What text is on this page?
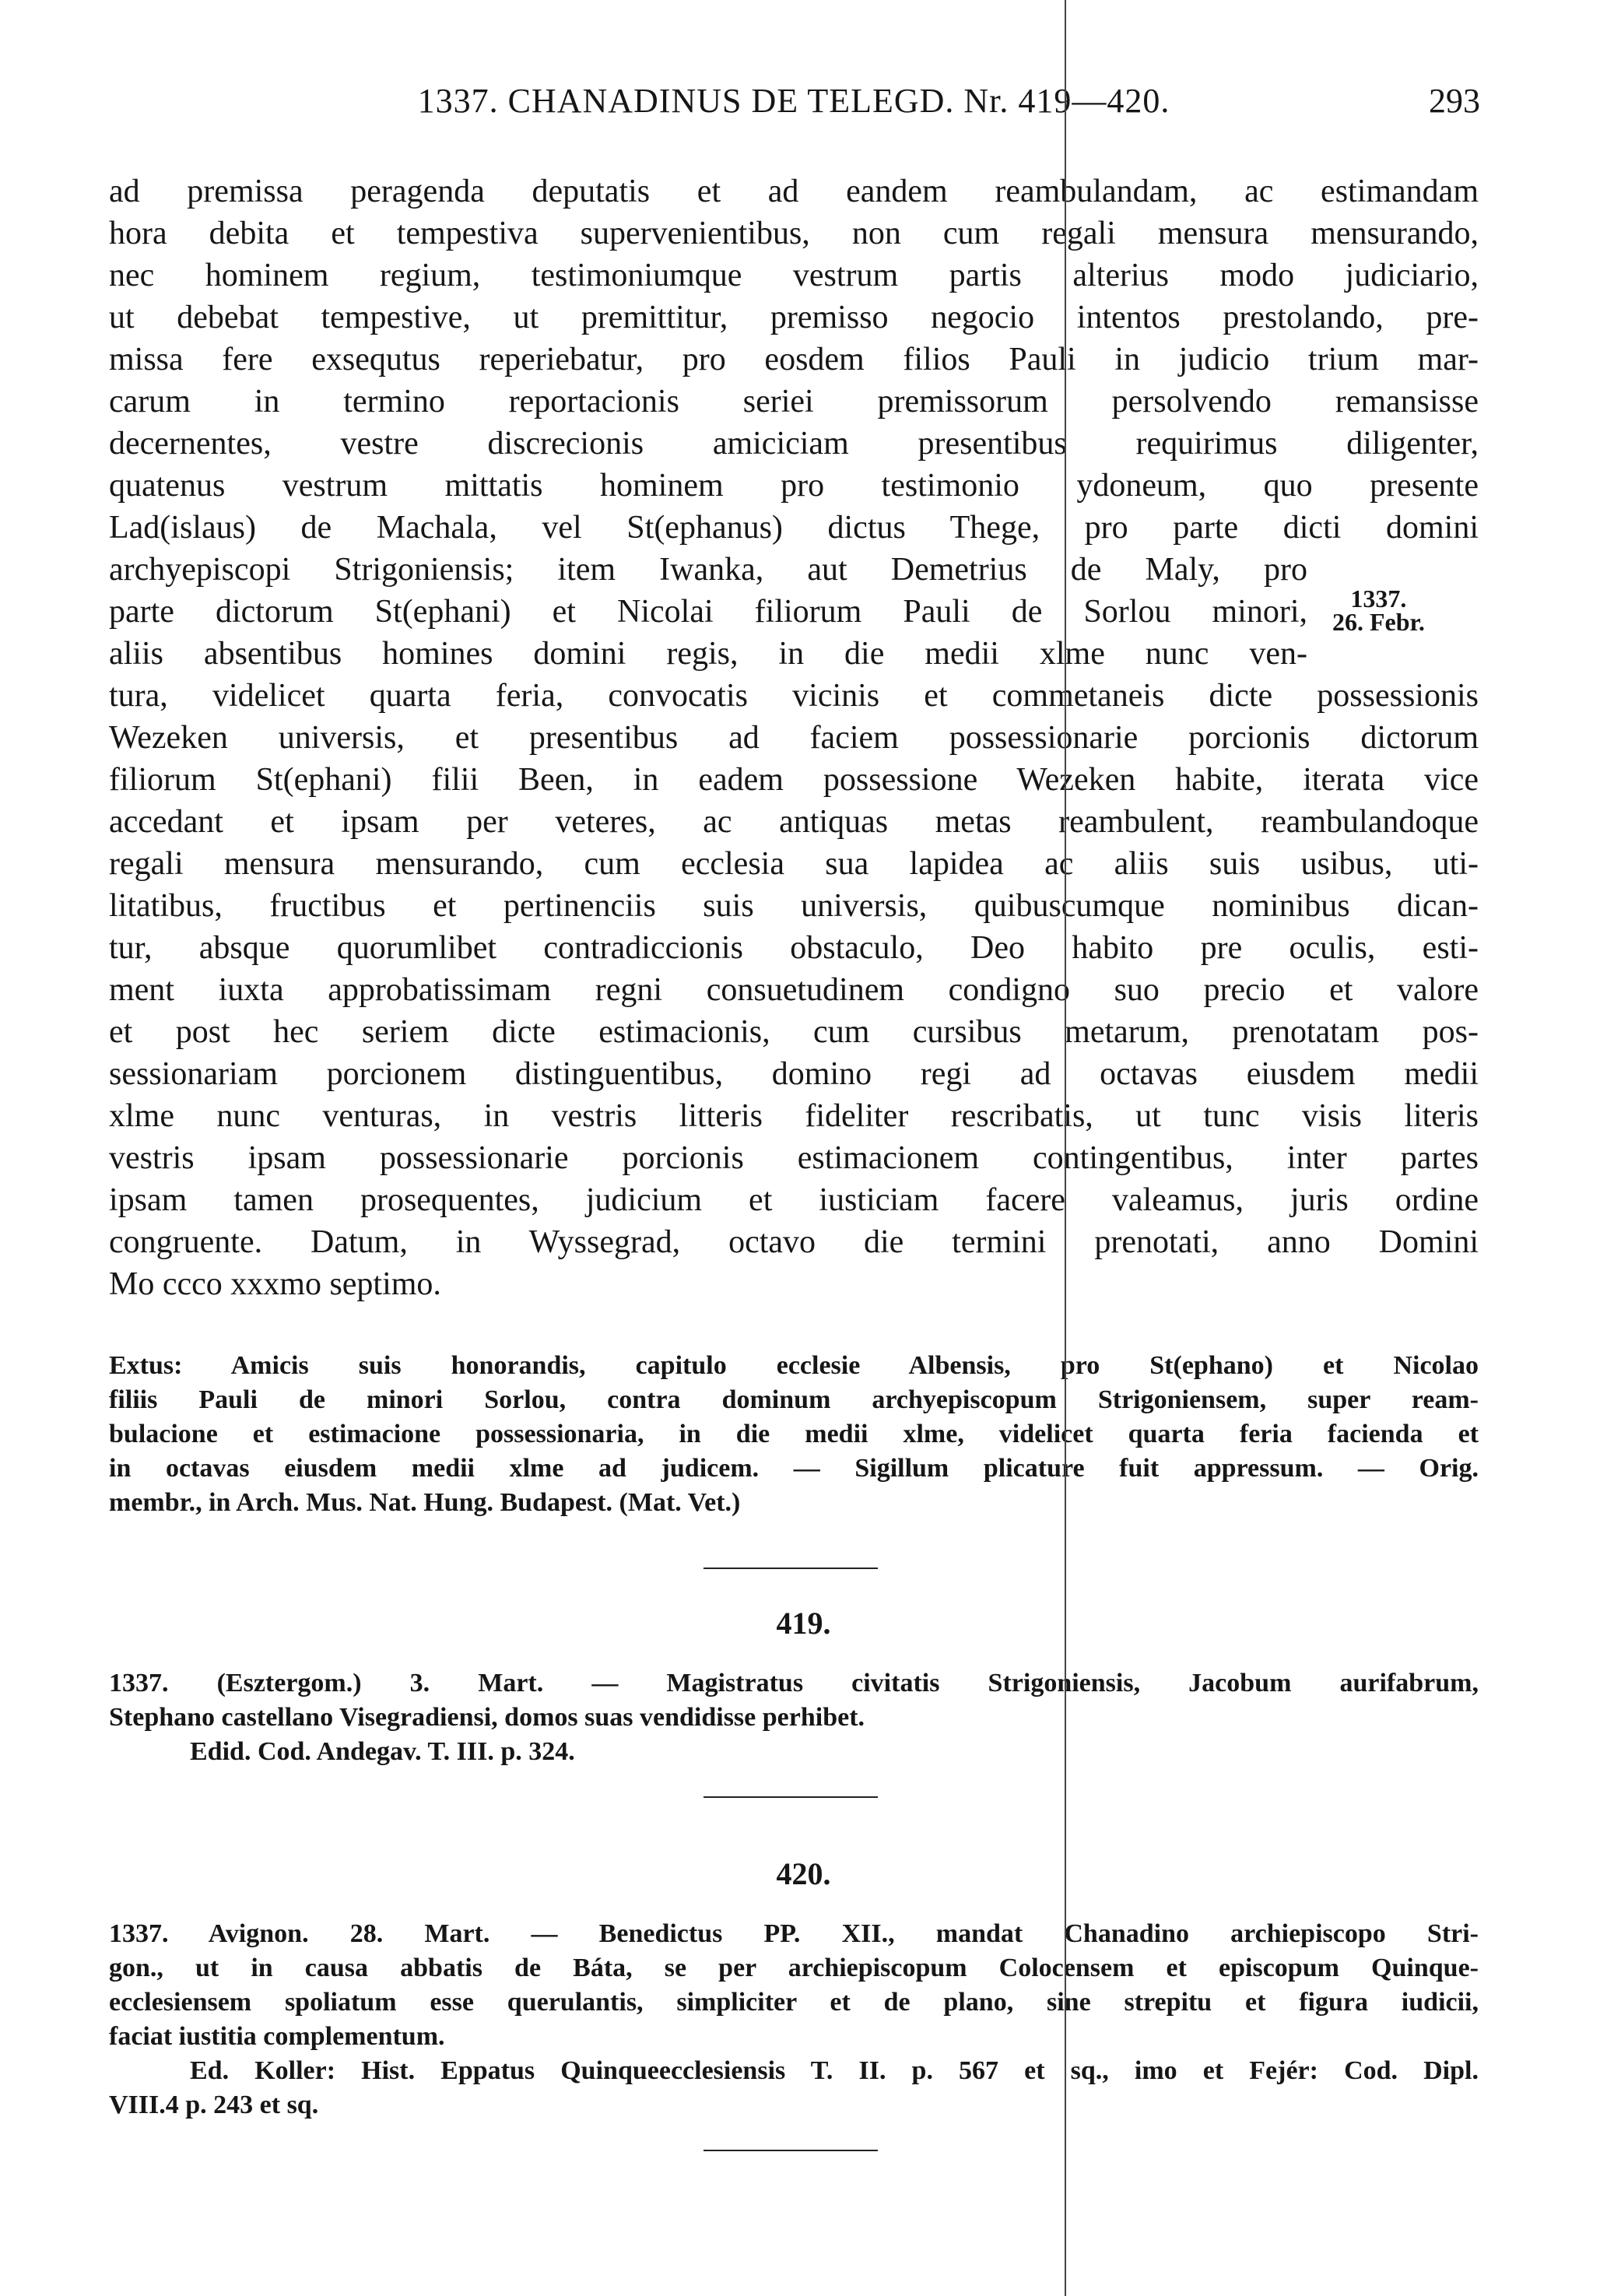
1337. CHANADINUS DE TELEGD. Nr. 419—420.	293
ad premissa peragenda deputatis et ad eandem reambulandam, ac estimandam
hora debita et tempestiva supervenientibus, non cum regali mensura mensurando,
nec hominem regium, testimoniumque vestrum partis alterius modo judiciario,
ut debebat tempestive, ut premittitur, premisso negocio intentos prestolando, pre-
missa fere exsequtus reperiebatur, pro eosdem filios Pauli in judicio trium mar-
carum in termino reportacionis seriei premissorum persolvendo remansisse
decernentes, vestre discrecionis amiciciam presentibus requirimus diligenter,
quatenus vestrum mittatis hominem pro testimonio ydoneum, quo presente
Lad(islaus) de Machala, vel St(ephanus) dictus Thege, pro parte dicti domini
archyepiscopi Strigoniensis; item Iwanka, aut Demetrius de Maly, pro
parte dictorum St(ephani) et Nicolai filiorum Pauli de Sorlou minori,
aliis absentibus homines domini regis, in die medii xlme nunc ven-
tura, videlicet quarta feria, convocatis vicinis et commetaneis dicte possessionis
Wezeken universis, et presentibus ad faciem possessionarie porcionis dictorum
filiorum St(ephani) filii Been, in eadem possessione Wezeken habite, iterata vice
accedant et ipsam per veteres, ac antiquas metas reambulent, reambulandoque
regali mensura mensurando, cum ecclesia sua lapidea ac aliis suis usibus, uti-
litatibus, fructibus et pertinenciis suis universis, quibuscumque nominibus dican-
tur, absque quorumlibet contradiccionis obstaculo, Deo habito pre oculis, esti-
ment iuxta approbatissimam regni consuetudinem condigno suo precio et valore
et post hec seriem dicte estimacionis, cum cursibus metarum, prenotatam pos-
sessionariam porcionem distinguentibus, domino regi ad octavas eiusdem medii
xlme nunc venturas, in vestris litteris fideliter rescribatis, ut tunc visis literis
vestris ipsam possessionarie porcionis estimacionem contingentibus, inter partes
ipsam tamen prosequentes, judicium et iusticiam facere valeamus, juris ordine
congruente. Datum, in Wyssegrad, octavo die termini prenotati, anno Domini
Mo ccco xxxmo septimo.
1337.
26. Febr.
Extus: Amicis suis honorandis, capitulo ecclesie Albensis, pro St(ephano) et Nicolao
filiis Pauli de minori Sorlou, contra dominum archyepiscopum Strigoniensem, super ream-
bulacione et estimacione possessionaria, in die medii xlme, videlicet quarta feria facienda et
in octavas eiusdem medii xlme ad judicem. — Sigillum plicature fuit appressum. — Orig.
membr., in Arch. Mus. Nat. Hung. Budapest. (Mat. Vet.)
419.
1337. (Esztergom.) 3. Mart. — Magistratus civitatis Strigoniensis, Jacobum aurifabrum,
Stephano castellano Visegradiensi, domos suas vendidisse perhibet.
Edid. Cod. Andegav. T. III. p. 324.
420.
1337. Avignon. 28. Mart. — Benedictus PP. XII., mandat Chanadino archiepiscopo Stri-
gon., ut in causa abbatis de Báta, se per archiepiscopum Colocensem et episcopum Quinque-
ecclesiensem spoliatum esse querulantis, simpliciter et de plano, sine strepitu et figura iudicii,
faciat iustitia complementum.
Ed. Koller: Hist. Eppatus Quinqueecclesiensis T. II. p. 567 et sq., imo et Fejér: Cod. Dipl.
VIII.4 p. 243 et sq.
